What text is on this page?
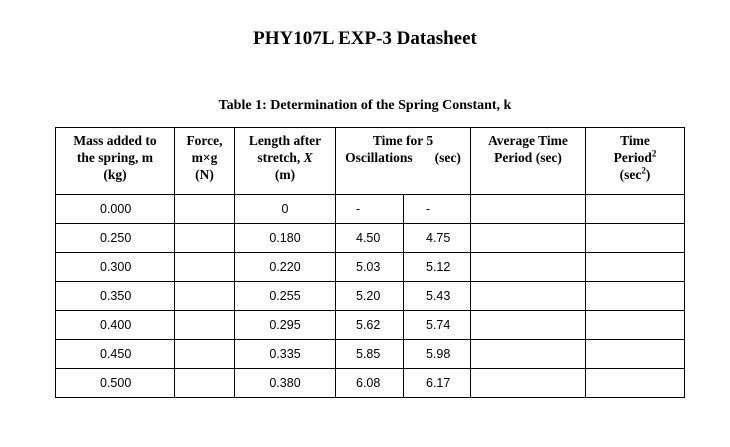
PHY107L EXP-3 Datasheet
Table 1: Determination of the Spring Constant, k
Mass added to
the spring, m
(kg)	Force,
m×g
(N)	Length after
stretch, X
(m)	Time for 5
Oscillations (sec)		Average Time
Period (sec)	Time
Period$^2$
$(\sec^2)$
0.000		0	-	-		
0.250		0.180	4.50	4.75		
0.300		0.220	5.03	5.12		
0.350		0.255	5.20	5.43		
0.400		0.295	5.62	5.74		
0.450		0.335	5.85	5.98		
0.500		0.380	6.08	6.17		
